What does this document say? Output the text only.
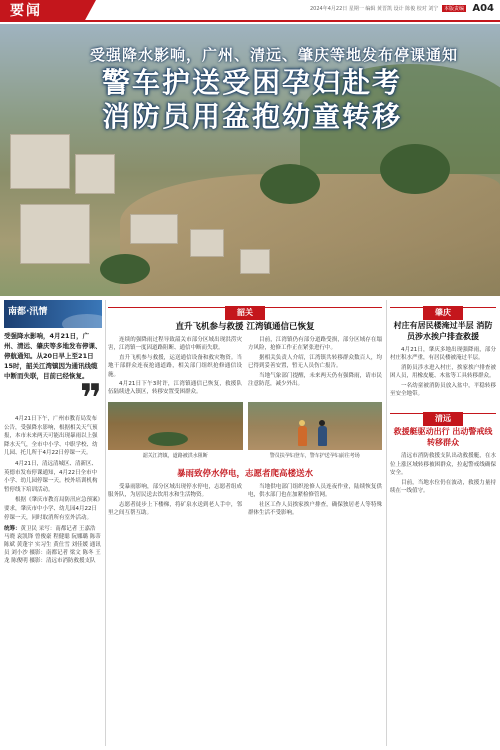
要闻	2024年4月22日 星期一 编辑 黄晋凯 设计 陈俊 校对 刘宁 本版责编 A04
受强降水影响，广州、清远、肇庆等地发布停课通知
警车护送受困孕妇赴考 消防员用盆抱幼童转移
南都·汛情
受强降水影响，4月21日，广州、清远、肇庆等多地发布停课、停航通知。从20日早上至21日15时，韶关江湾镇因为通讯线缆中断而失联，目前已经恢复。
❞

4月21日下午，广州市教育局发布公告，受强降水影响，根据相关天气预报，本市未来两天可能出现暴雨以上强降水天气，全市中小学、中职学校、幼儿园、托儿所于4月22日停课一天。

4月21日，清远清城区、清新区、英德市发布停课通知，4月22日全市中小学、幼儿园停课一天。校外培训机构暂停线下培训活动。

根据《肇庆市教育局防汛应急预案》要求，肇庆市中小学、幼儿园4月22日停课一天，同时取消所有室外活动。

统筹：黄卫民 采写：南都记者 王嘉浩 马晓 袁凯锋 曾俊豪 程健聪 阮娜璐 陈蒂 陈斌 黄蓬宇 实习生 黄仕雪 刘佳媛 通讯员 刘小沙 摄影：南都记者 梁文 陈冬 王龙 陈俊明 摄影：清远市消防救援支队
韶关
直升飞机参与救援 江湾镇通信已恢复

连续的强降雨过程导致韶关市部分区域出现洪涝灾害，江湾镇一度因道路阻断、通信中断而失联。

直升飞机参与救援，运送通信设备和救灾物资。当地干部群众连夜抢通道路，相关部门组织抢修通信设施。

4月21日下午3时许，江湾镇通信已恢复，救援队伍陆续进入镇区，转移安置受困群众。

目前，江湾镇仍有部分道路受损，部分区域存在塌方风险，抢修工作正在紧张进行中。

据相关负责人介绍，江湾镇共转移群众数百人，均已得到妥善安置，暂无人员伤亡报告。

当地气象部门提醒，未来两天仍有强降雨，请市民注意防范，减少外出。

韶关江湾镇，道路被洪水阻断	警员扶孕妇登车，警车护送孕妇前往考场
暴雨致停水停电，志愿者爬高楼送水

受暴雨影响，部分区域出现停水停电，志愿者组成服务队，为居民送去饮用水和生活物资。

志愿者徒步上下楼梯，将矿泉水送到老人手中，邻里之间互帮互助。

当地供电部门组织抢修人员连夜作业，陆续恢复供电，供水部门也在加紧检修管网。

社区工作人员挨家挨户排查，确保独居老人等特殊群体生活不受影响。

肇庆
村庄有居民楼淹过半层 消防员涉水挨户排查救援

4月21日，肇庆多地出现强降雨，部分村庄积水严重，有居民楼被淹过半层。

消防员涉水进入村庄，挨家挨户排查被困人员，用橡皮艇、木盆等工具转移群众。

一名幼童被消防员放入盆中，平稳转移至安全地带。

清远
救援艇驱动出行 出动警戒线转移群众

清远市消防救援支队出动救援艇，在水位上涨区域转移被困群众，拉起警戒线确保安全。

目前，当地水位仍在波动，救援力量持续在一线值守。
